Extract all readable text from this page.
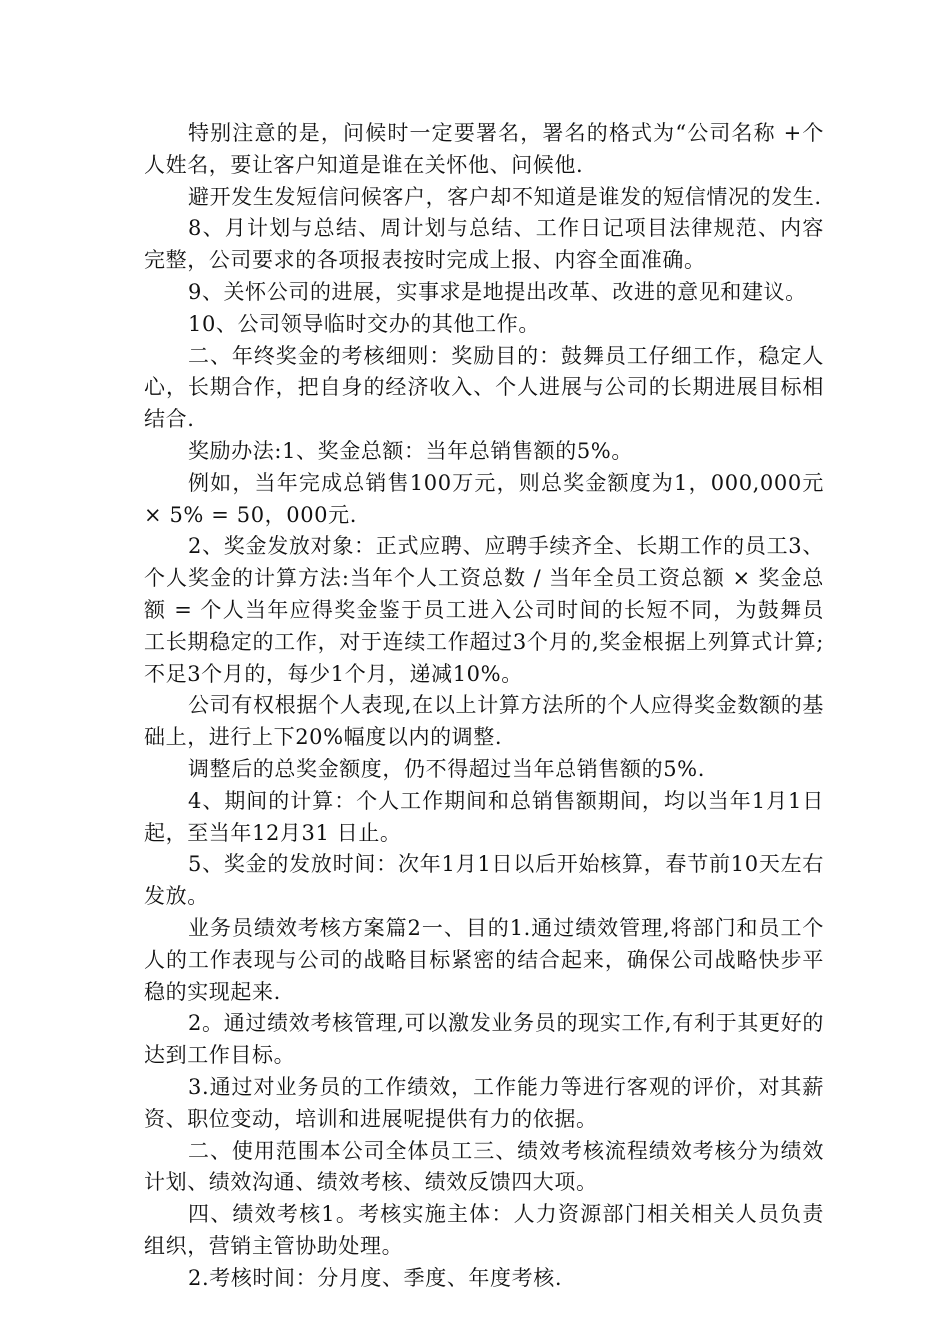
特别注意的是，问候时一定要署名，署名的格式为“公司名称 +个人姓名，要让客户知道是谁在关怀他、问候他.

避开发生发短信问候客户，客户却不知道是谁发的短信情况的发生.

8、月计划与总结、周计划与总结、工作日记项目法律规范、内容完整，公司要求的各项报表按时完成上报、内容全面准确。

9、关怀公司的进展，实事求是地提出改革、改进的意见和建议。

10、公司领导临时交办的其他工作。

二、年终奖金的考核细则：奖励目的：鼓舞员工仔细工作，稳定人心，长期合作，把自身的经济收入、个人进展与公司的长期进展目标相结合.

奖励办法:1、奖金总额：当年总销售额的5%。

例如，当年完成总销售100万元，则总奖金额度为1，000,000元 × 5% = 50，000元.

2、奖金发放对象：正式应聘、应聘手续齐全、长期工作的员工3、个人奖金的计算方法:当年个人工资总数 / 当年全员工资总额 × 奖金总额 = 个人当年应得奖金鉴于员工进入公司时间的长短不同，为鼓舞员工长期稳定的工作，对于连续工作超过3个月的,奖金根据上列算式计算;不足3个月的，每少1个月，递减10%。

公司有权根据个人表现,在以上计算方法所的个人应得奖金数额的基础上，进行上下20%幅度以内的调整.

调整后的总奖金额度，仍不得超过当年总销售额的5%.

4、期间的计算：个人工作期间和总销售额期间，均以当年1月1日起，至当年12月31 日止。

5、奖金的发放时间：次年1月1日以后开始核算，春节前10天左右发放。

业务员绩效考核方案篇2一、目的1.通过绩效管理,将部门和员工个人的工作表现与公司的战略目标紧密的结合起来，确保公司战略快步平稳的实现起来.

2。通过绩效考核管理,可以激发业务员的现实工作,有利于其更好的达到工作目标。

3.通过对业务员的工作绩效，工作能力等进行客观的评价，对其薪资、职位变动，培训和进展呢提供有力的依据。

二、使用范围本公司全体员工三、绩效考核流程绩效考核分为绩效计划、绩效沟通、绩效考核、绩效反馈四大项。

四、绩效考核1。考核实施主体：人力资源部门相关相关人员负责组织，营销主管协助处理。

2.考核时间：分月度、季度、年度考核.
